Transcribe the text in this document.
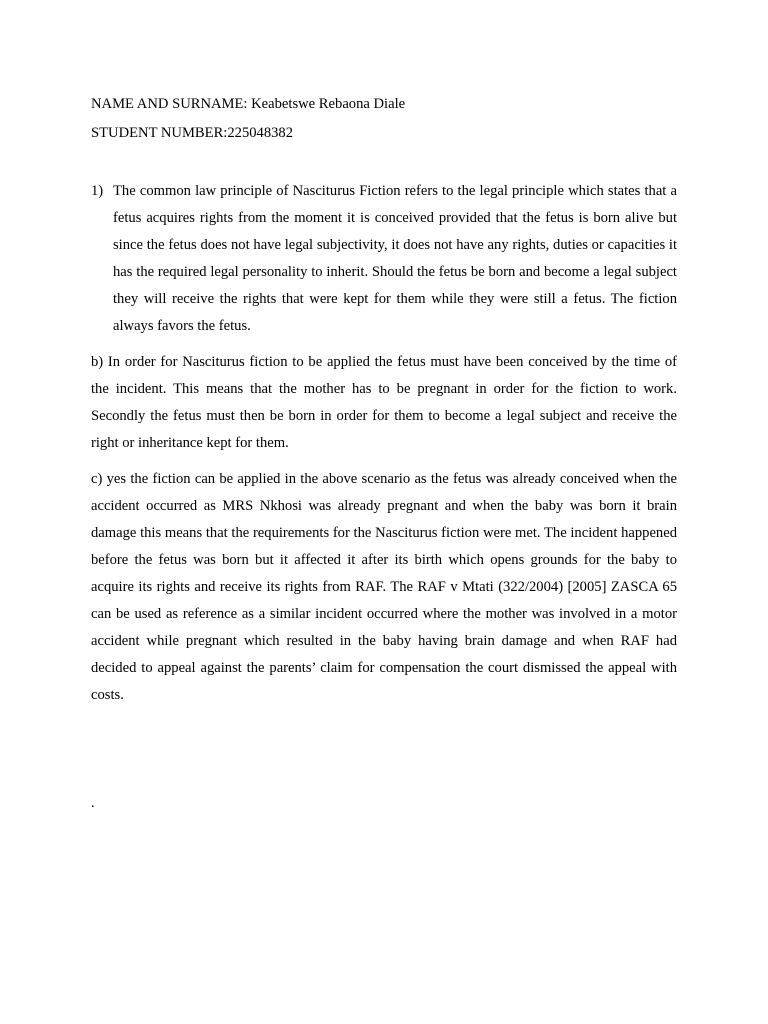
NAME AND SURNAME: Keabetswe Rebaona Diale

STUDENT NUMBER:225048382

1) The common law principle of Nasciturus Fiction refers to the legal principle which states that a fetus acquires rights from the moment it is conceived provided that the fetus is born alive but since the fetus does not have legal subjectivity, it does not have any rights, duties or capacities it has the required legal personality to inherit. Should the fetus be born and become a legal subject they will receive the rights that were kept for them while they were still a fetus. The fiction always favors the fetus.

b) In order for Nasciturus fiction to be applied the fetus must have been conceived by the time of the incident. This means that the mother has to be pregnant in order for the fiction to work. Secondly the fetus must then be born in order for them to become a legal subject and receive the right or inheritance kept for them.

c) yes the fiction can be applied in the above scenario as the fetus was already conceived when the accident occurred as MRS Nkhosi was already pregnant and when the baby was born it brain damage this means that the requirements for the Nasciturus fiction were met. The incident happened before the fetus was born but it affected it after its birth which opens grounds for the baby to acquire its rights and receive its rights from RAF. The RAF v Mtati (322/2004) [2005] ZASCA 65 can be used as reference as a similar incident occurred where the mother was involved in a motor accident while pregnant which resulted in the baby having brain damage and when RAF had decided to appeal against the parents’ claim for compensation the court dismissed the appeal with costs.

.
